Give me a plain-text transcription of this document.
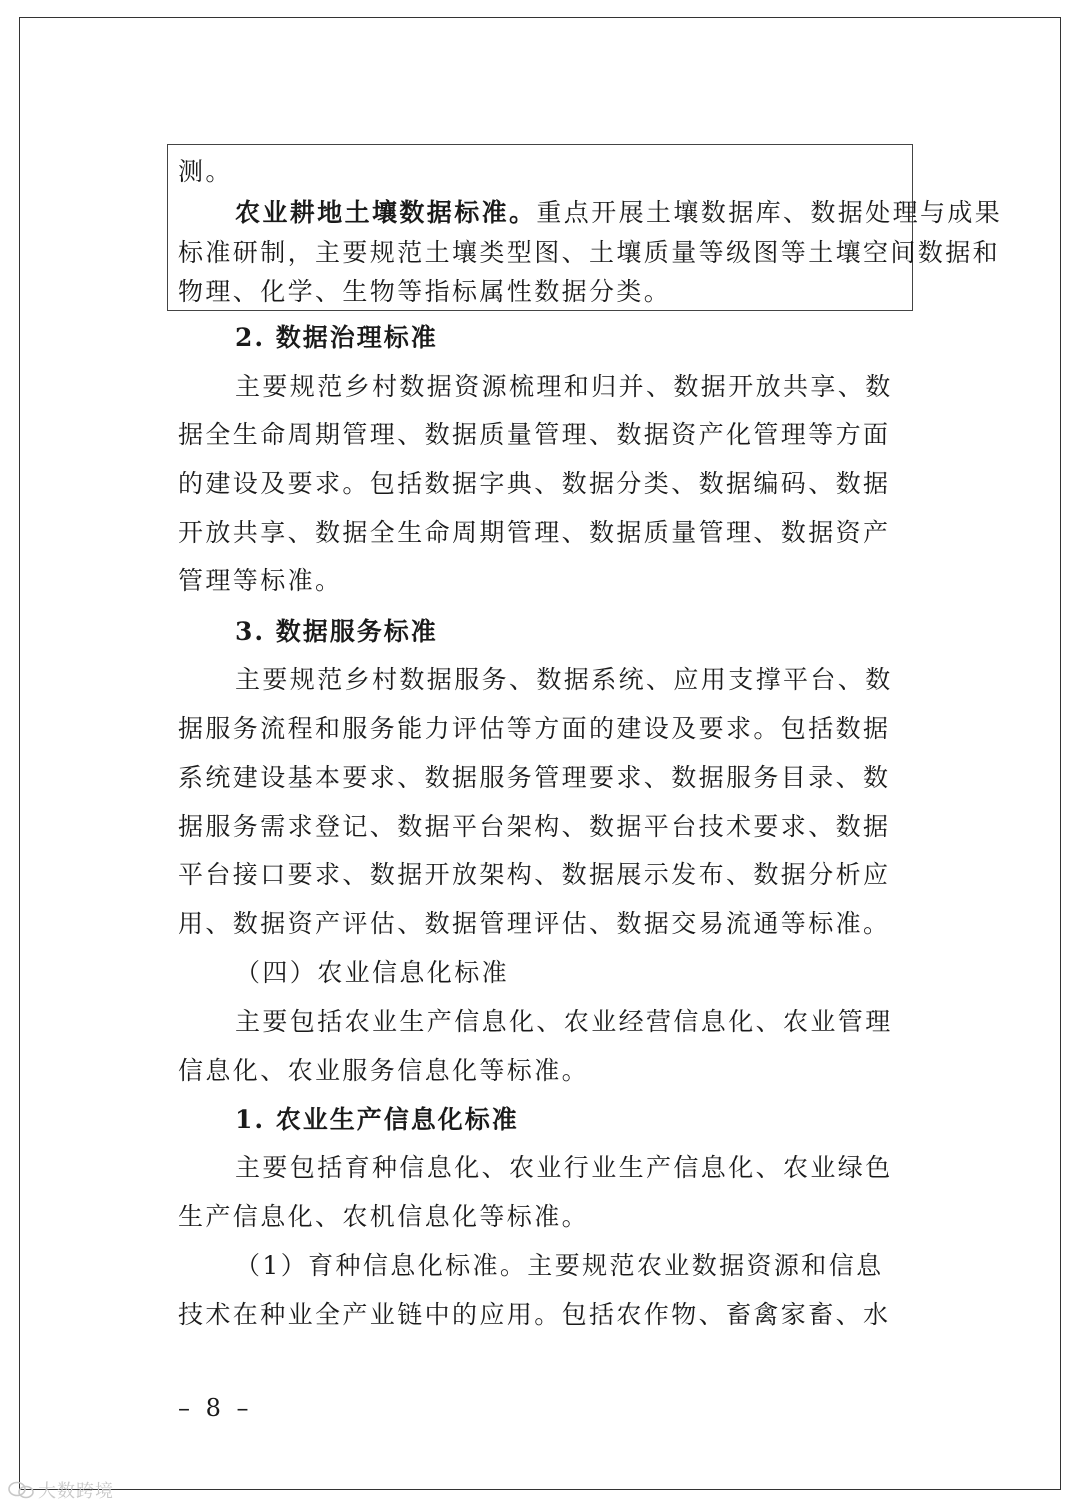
测。
农业耕地土壤数据标准。重点开展土壤数据库、数据处理与成果
标准研制，主要规范土壤类型图、土壤质量等级图等土壤空间数据和
物理、化学、生物等指标属性数据分类。
2. 数据治理标准
主要规范乡村数据资源梳理和归并、数据开放共享、数
据全生命周期管理、数据质量管理、数据资产化管理等方面
的建设及要求。包括数据字典、数据分类、数据编码、数据
开放共享、数据全生命周期管理、数据质量管理、数据资产
管理等标准。
3. 数据服务标准
主要规范乡村数据服务、数据系统、应用支撑平台、数
据服务流程和服务能力评估等方面的建设及要求。包括数据
系统建设基本要求、数据服务管理要求、数据服务目录、数
据服务需求登记、数据平台架构、数据平台技术要求、数据
平台接口要求、数据开放架构、数据展示发布、数据分析应
用、数据资产评估、数据管理评估、数据交易流通等标准。
（四）农业信息化标准
主要包括农业生产信息化、农业经营信息化、农业管理
信息化、农业服务信息化等标准。
1. 农业生产信息化标准
主要包括育种信息化、农业行业生产信息化、农业绿色
生产信息化、农机信息化等标准。
（1）育种信息化标准。主要规范农业数据资源和信息
技术在种业全产业链中的应用。包括农作物、畜禽家畜、水
– 8 –
大数跨境
